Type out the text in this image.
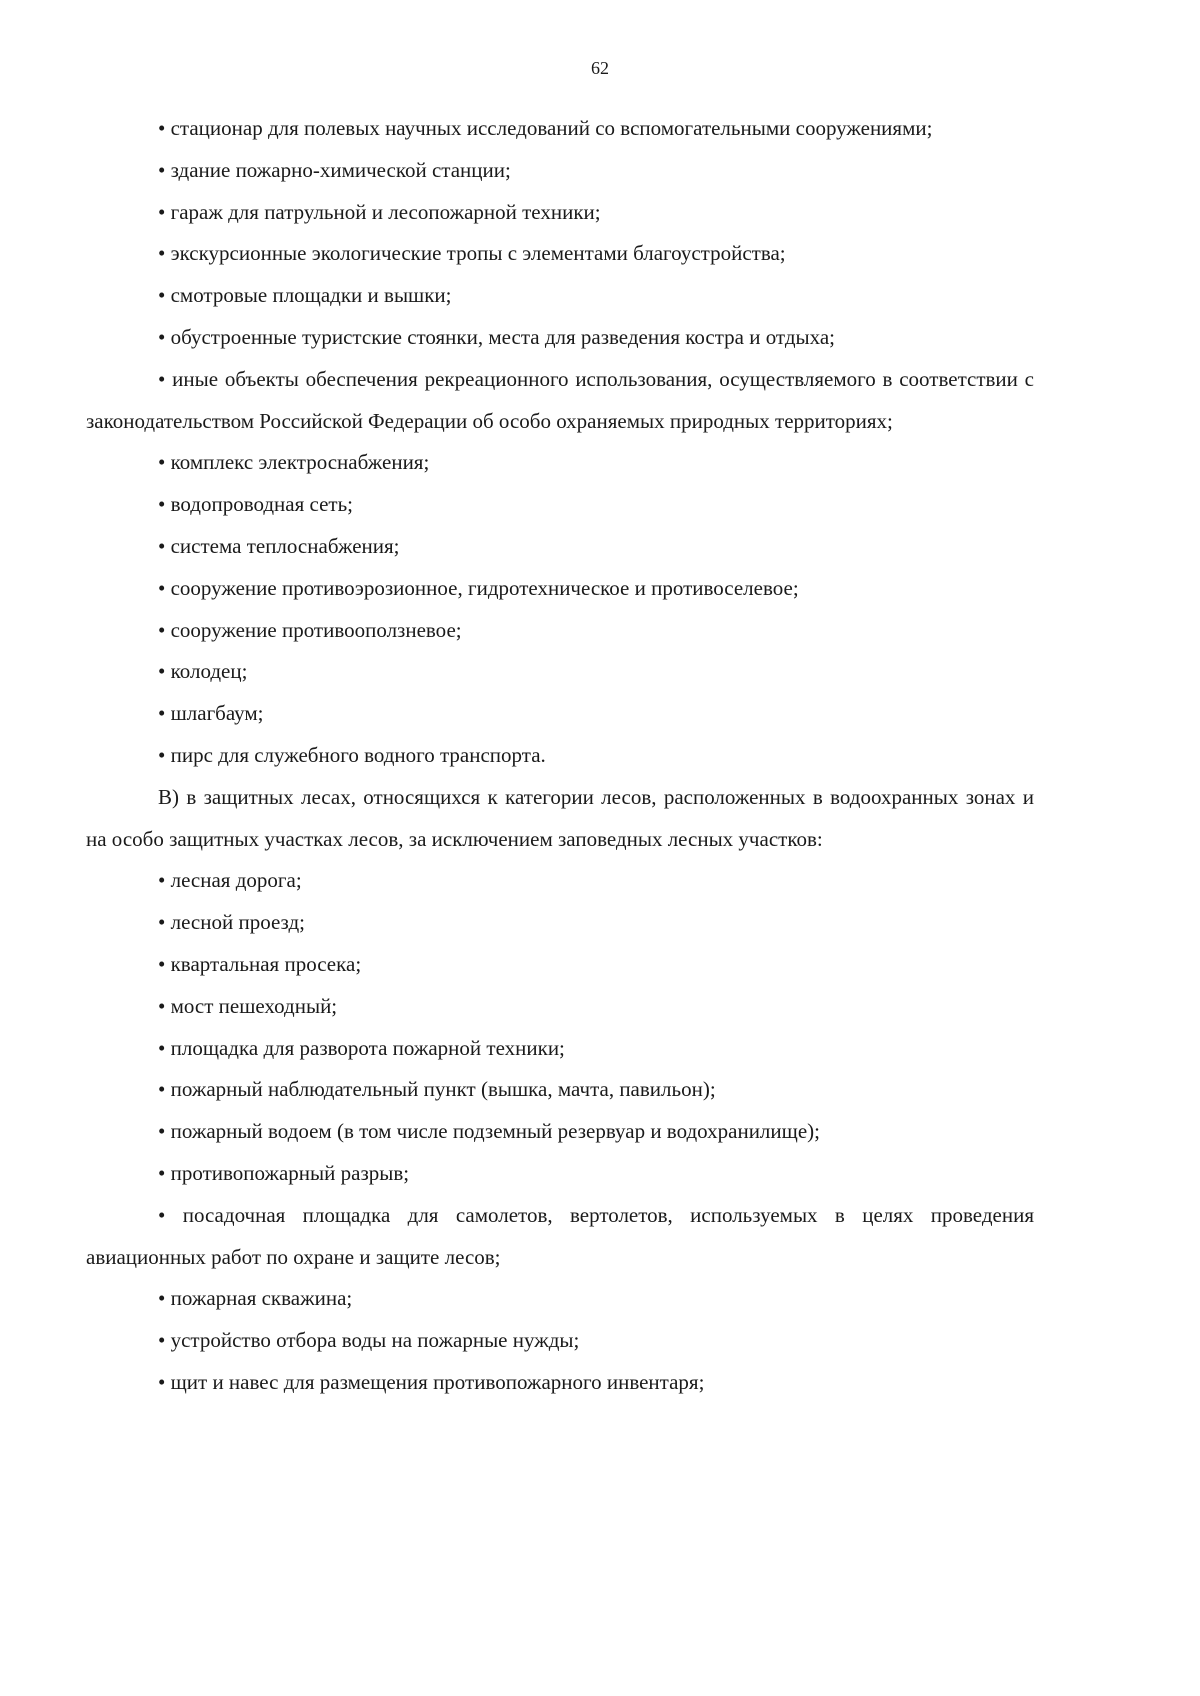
62

• стационар для полевых научных исследований со вспомогательными сооружениями;

• здание пожарно-химической станции;

• гараж для патрульной и лесопожарной техники;

• экскурсионные экологические тропы с элементами благоустройства;

• смотровые площадки и вышки;

• обустроенные туристские стоянки, места для разведения костра и отдыха;

• иные объекты обеспечения рекреационного использования, осуществляемого в соответствии с законодательством Российской Федерации об особо охраняемых природных территориях;

• комплекс электроснабжения;

• водопроводная сеть;

• система теплоснабжения;

• сооружение противоэрозионное, гидротехническое и противоселевое;

• сооружение противооползневое;

• колодец;

• шлагбаум;

• пирс для служебного водного транспорта.

В) в защитных лесах, относящихся к категории лесов, расположенных в водоохранных зонах и на особо защитных участках лесов, за исключением заповедных лесных участков:

• лесная дорога;

• лесной проезд;

• квартальная просека;

• мост пешеходный;

• площадка для разворота пожарной техники;

• пожарный наблюдательный пункт (вышка, мачта, павильон);

• пожарный водоем (в том числе подземный резервуар и водохранилище);

• противопожарный разрыв;

• посадочная площадка для самолетов, вертолетов, используемых в целях проведения авиационных работ по охране и защите лесов;

• пожарная скважина;

• устройство отбора воды на пожарные нужды;

• щит и навес для размещения противопожарного инвентаря;
